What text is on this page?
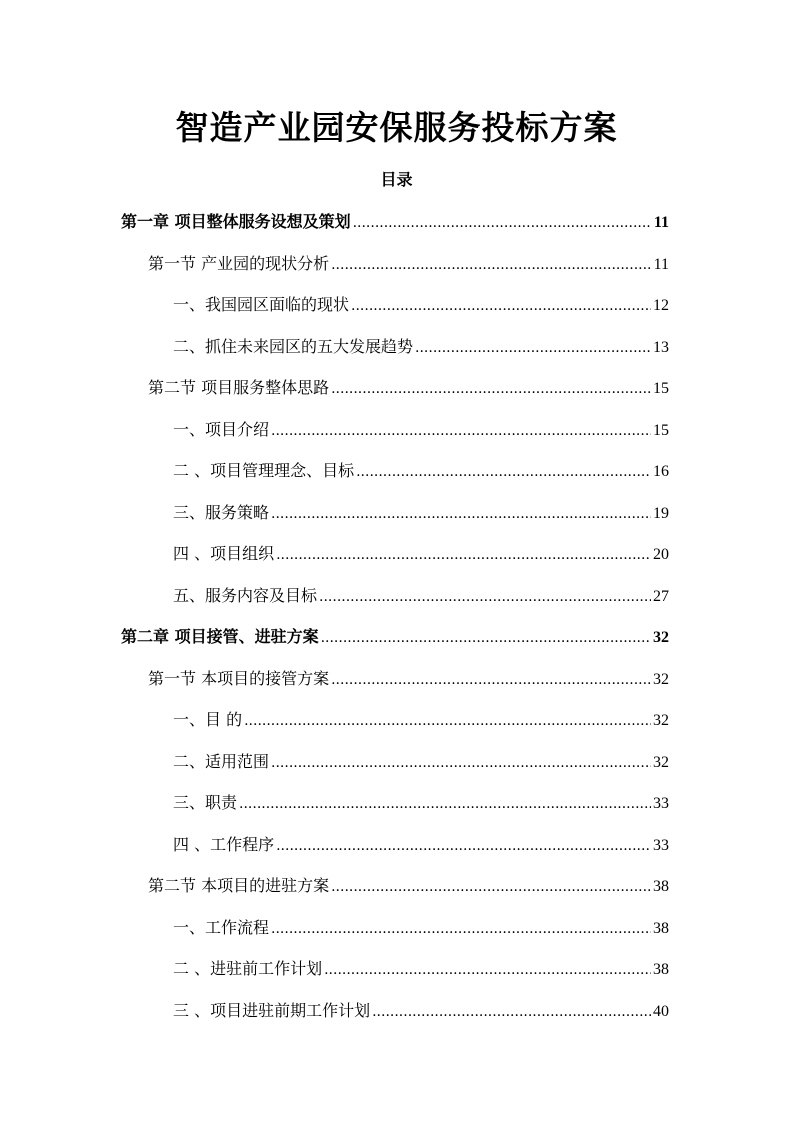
智造产业园安保服务投标方案
目录
第一章 项目整体服务设想及策划 .....	11
第一节 产业园的现状分析 .....	11
一、我国园区面临的现状 .....	12
二、抓住未来园区的五大发展趋势 .....	13
第二节 项目服务整体思路 .....	15
一、项目介绍 .....	15
二 、项目管理理念、目标 .....	16
三、服务策略 .....	19
四 、项目组织 .....	20
五、服务内容及目标 .....	27
第二章 项目接管、进驻方案 .....	32
第一节 本项目的接管方案 .....	32
一、目 的 .....	32
二、适用范围 .....	32
三、职责 .....	33
四 、工作程序 .....	33
第二节 本项目的进驻方案 .....	38
一、工作流程 .....	38
二 、进驻前工作计划 .....	38
三 、项目进驻前期工作计划 .....	40
